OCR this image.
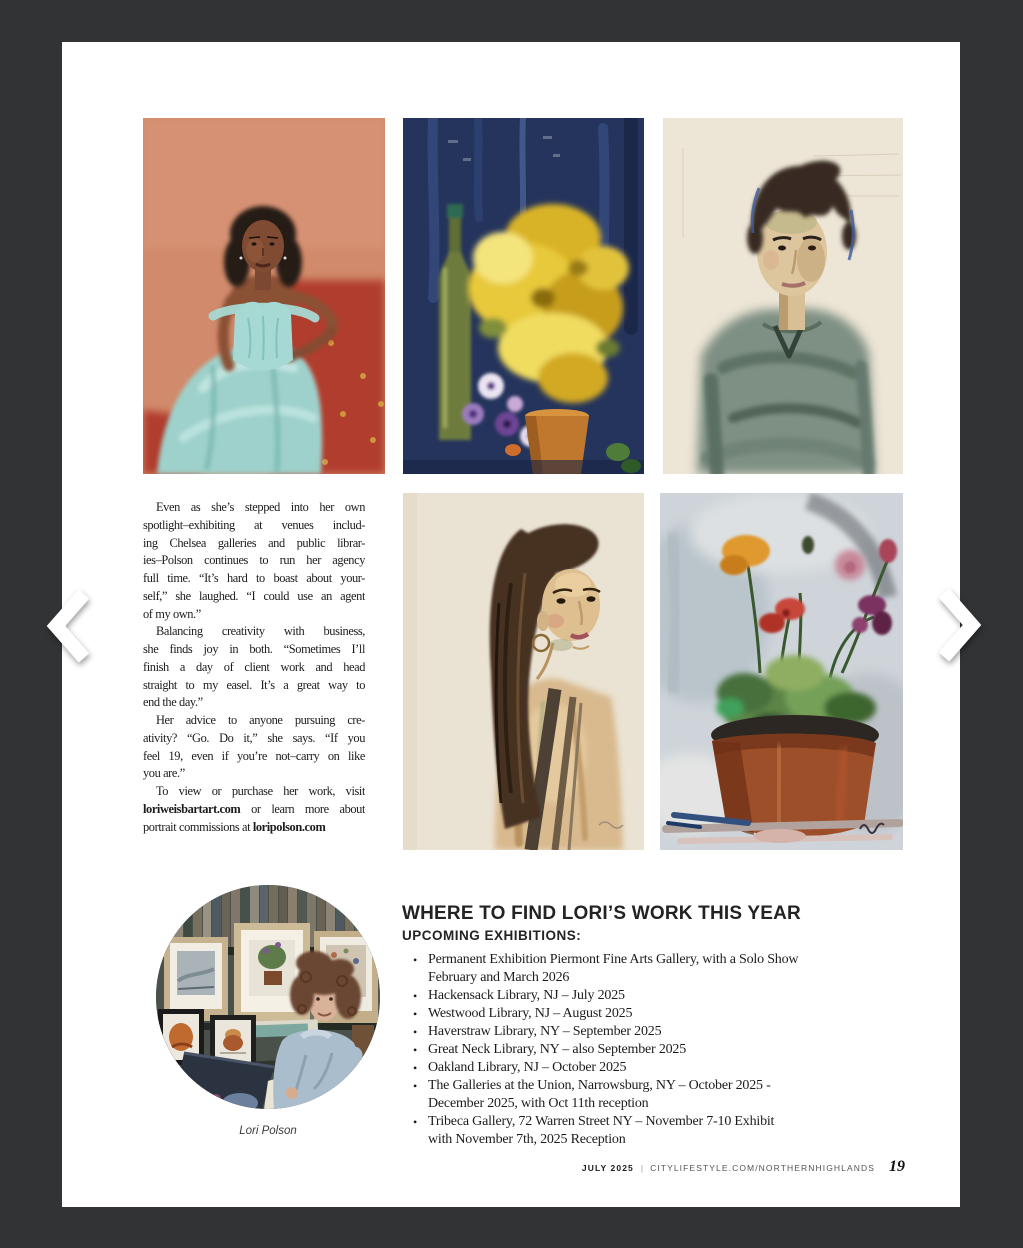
Even as she’s stepped into her own
spotlight–exhibiting at venues includ-
ing Chelsea galleries and public librar-
ies–Polson continues to run her agency
full time. “It’s hard to boast about your-
self,” she laughed. “I could use an agent
of my own.”
Balancing creativity with business,
she finds joy in both. “Sometimes I’ll
finish a day of client work and head
straight to my easel. It’s a great way to
end the day.”
Her advice to anyone pursuing cre-
ativity? “Go. Do it,” she says. “If you
feel 19, even if you’re not–carry on like
you are.”
To view or purchase her work, visit
loriweisbartart.com or learn more about
portrait commissions at loripolson.com
Lori Polson
WHERE TO FIND LORI’S WORK THIS YEAR
UPCOMING EXHIBITIONS:
• Permanent Exhibition Piermont Fine Arts Gallery, with a Solo Show
February and March 2026
• Hackensack Library, NJ – July 2025
• Westwood Library, NJ – August 2025
• Haverstraw Library, NY – September 2025
• Great Neck Library, NY – also September 2025
• Oakland Library, NJ – October 2025
• The Galleries at the Union, Narrowsburg, NY – October 2025 -
December 2025, with Oct 11th reception
• Tribeca Gallery, 72 Warren Street NY – November 7-10 Exhibit
with November 7th, 2025 Reception
JULY 2025 | CITYLIFESTYLE.COM/NORTHERNHIGHLANDS 19
